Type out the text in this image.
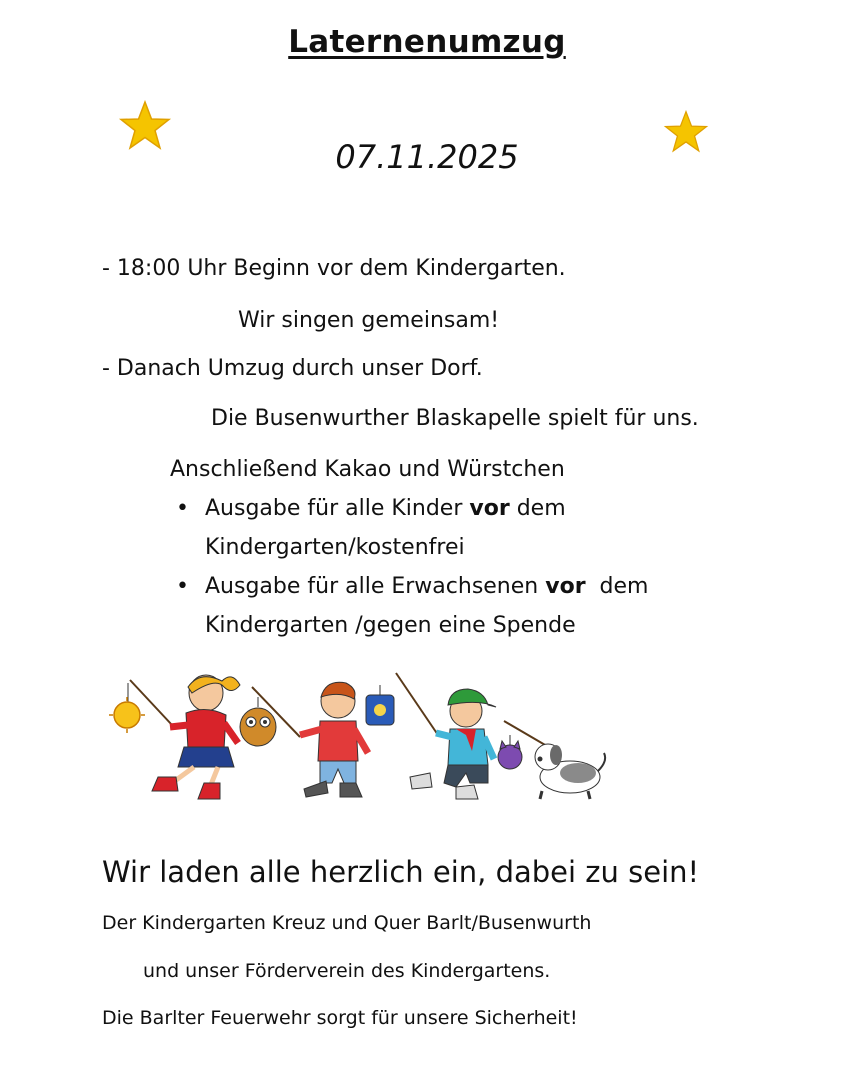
Laternenumzug
07.11.2025
- 18:00 Uhr Beginn vor dem Kindergarten.
Wir singen gemeinsam!
- Danach Umzug durch unser Dorf.
Die Busenwurther Blaskapelle spielt für uns.
Anschließend Kakao und Würstchen
• Ausgabe für alle Kinder vor dem
Kindergarten/kostenfrei
• Ausgabe für alle Erwachsenen vor  dem
Kindergarten /gegen eine Spende
Wir laden alle herzlich ein, dabei zu sein!
Der Kindergarten Kreuz und Quer Barlt/Busenwurth
und unser Förderverein des Kindergartens.
Die Barlter Feuerwehr sorgt für unsere Sicherheit!
